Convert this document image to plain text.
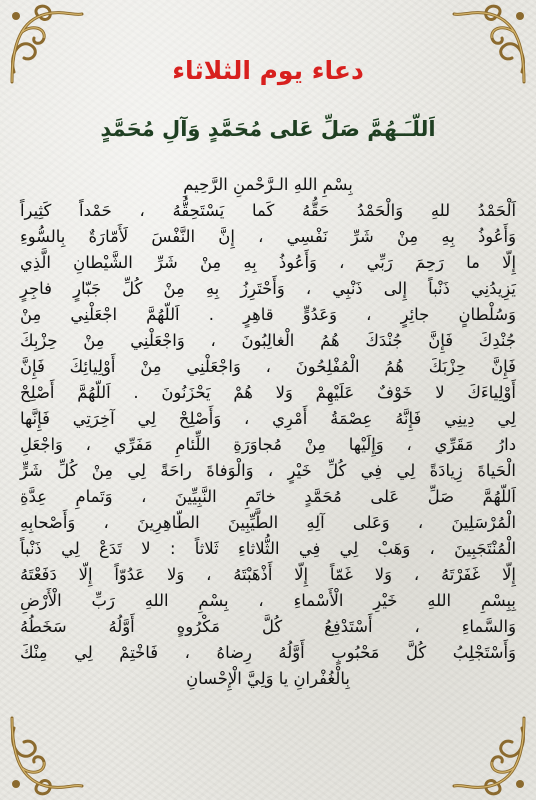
دعاء يوم الثلاثاء
اَللّـَـهُمَّ صَلِّ عَلى مُحَمَّدٍ وَآلِ مُحَمَّدٍ
بِسْمِ اللهِ الـرَّحْمنِ الرَّحِيمِ
اَلْحَمْدُ للهِ وَالْحَمْدُ حَقُّهُ كَما يَسْتَحِقُّهُ ، حَمْداً كَثِيراً
وَأَعُوذُ بِهِ مِنْ شَرِّ نَفْسِي ، إِنَّ النَّفْسَ لَأَمّارَةٌ بِالسُّوءِ
إِلّا ما رَحِمَ رَبِّي ، وَأَعُوذُ بِهِ مِنْ شَرِّ الشَّيْطانِ الَّذِي
يَزِيدُنِي ذَنْباً إِلى ذَنْبِي ، وَأَحْتَرِزُ بِهِ مِنْ كُلِّ جَبّارٍ فاجِرٍ
وَسُلْطانٍ جائِرٍ ، وَعَدُوٍّ قاهِرٍ . اَللّهُمَّ اجْعَلْنِي مِنْ
جُنْدِكَ فَإِنَّ جُنْدَكَ هُمُ الْغالِبُونَ ، وَاجْعَلْنِي مِنْ حِزْبِكَ
فَإِنَّ حِزْبَكَ هُمُ الْمُفْلِحُونَ ، وَاجْعَلْنِي مِنْ أَوْلِيائِكَ فَإِنَّ
أَوْلِياءَكَ لا خَوْفٌ عَلَيْهِمْ وَلا هُمْ يَحْزَنُونَ . اَللّهُمَّ أَصْلِحْ
لِي دِينِي فَإِنَّهُ عِصْمَةُ أَمْرِي ، وَأَصْلِحْ لِي آخِرَتِي فَإِنَّها
دارُ مَقَرِّي ، وَإِلَيْها مِنْ مُجاوَرَةِ اللِّئامِ مَفَرِّي ، وَاجْعَلِ
الْحَياةَ زِيادَةً لِي فِي كُلِّ خَيْرٍ ، وَالْوَفاةَ راحَةً لِي مِنْ كُلِّ شَرٍّ
اَللّهُمَّ صَلِّ عَلى مُحَمَّدٍ خاتَمِ النَّبِيِّينَ ، وَتَمامِ عِدَّةِ
الْمُرْسَلِينَ ، وَعَلى آلِهِ الطَّيِّبِينَ الطّاهِرِينَ ، وَأَصْحابِهِ
الْمُنْتَجَبِينَ ، وَهَبْ لِي فِي الثُّلاثاءِ ثَلاثاً : لا تَدَعْ لِي ذَنْباً
إِلّا غَفَرْتَهُ ، وَلا غَمّاً إِلّا أَذْهَبْتَهُ ، وَلا عَدُوّاً إِلّا دَفَعْتَهُ
بِبِسْمِ اللهِ خَيْرِ الْأَسْماءِ ، بِسْمِ اللهِ رَبِّ الْأَرْضِ
وَالسَّماءِ ، أَسْتَدْفِعُ كُلَّ مَكْرُوهٍ أَوَّلُهُ سَخَطُهُ
وَأَسْتَجْلِبُ كُلَّ مَحْبُوبٍ أَوَّلُهُ رِضاهُ ، فَاخْتِمْ لِي مِنْكَ
بِالْغُفْرانِ يا وَلِيَّ الْإِحْسانِ
